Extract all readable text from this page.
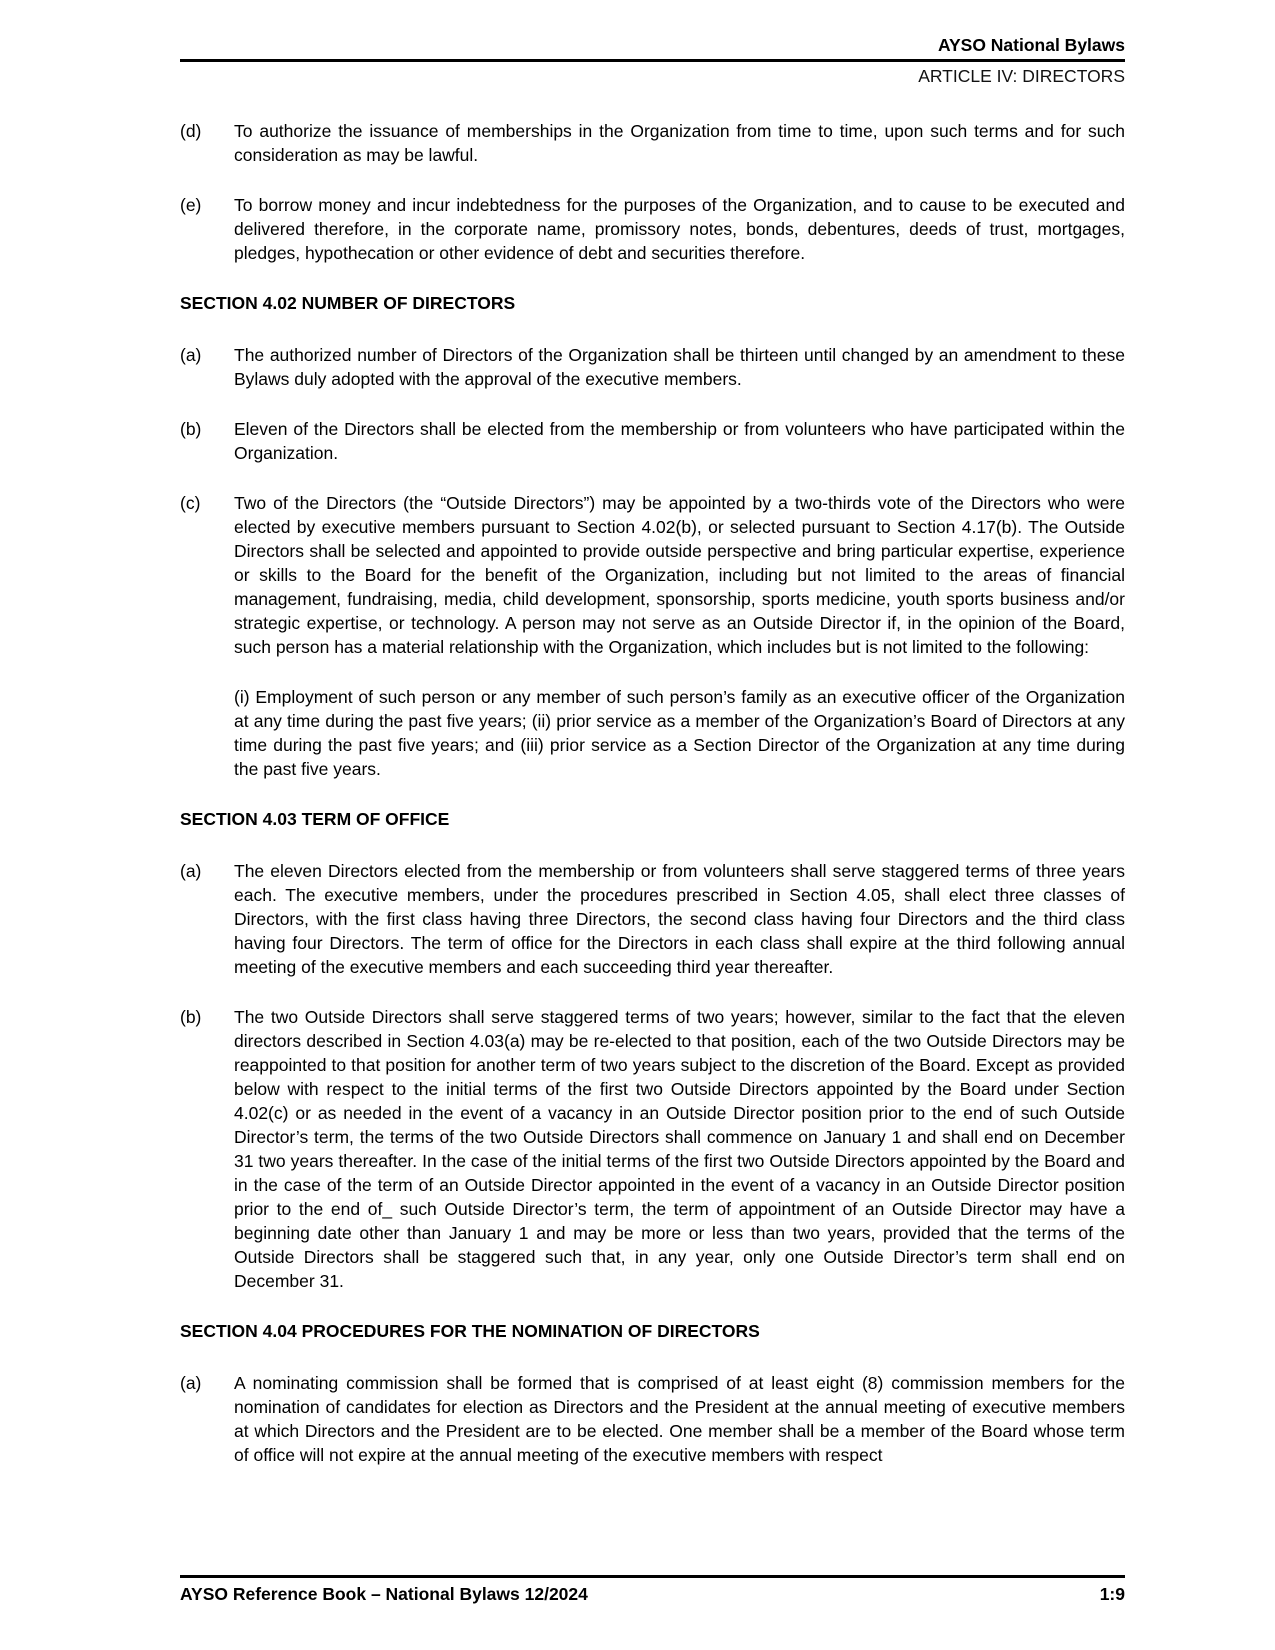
AYSO National Bylaws
ARTICLE IV: DIRECTORS
(d)	To authorize the issuance of memberships in the Organization from time to time, upon such terms and for such consideration as may be lawful.
(e)	To borrow money and incur indebtedness for the purposes of the Organization, and to cause to be executed and delivered therefore, in the corporate name, promissory notes, bonds, debentures, deeds of trust, mortgages, pledges, hypothecation or other evidence of debt and securities therefore.
SECTION 4.02 NUMBER OF DIRECTORS
(a)	The authorized number of Directors of the Organization shall be thirteen until changed by an amendment to these Bylaws duly adopted with the approval of the executive members.
(b)	Eleven of the Directors shall be elected from the membership or from volunteers who have participated within the Organization.
(c)	Two of the Directors (the “Outside Directors”) may be appointed by a two-thirds vote of the Directors who were elected by executive members pursuant to Section 4.02(b), or selected pursuant to Section 4.17(b). The Outside Directors shall be selected and appointed to provide outside perspective and bring particular expertise, experience or skills to the Board for the benefit of the Organization, including but not limited to the areas of financial management, fundraising, media, child development, sponsorship, sports medicine, youth sports business and/or strategic expertise, or technology. A person may not serve as an Outside Director if, in the opinion of the Board, such person has a material relationship with the Organization, which includes but is not limited to the following:
(i) Employment of such person or any member of such person’s family as an executive officer of the Organization at any time during the past five years; (ii) prior service as a member of the Organization’s Board of Directors at any time during the past five years; and (iii) prior service as a Section Director of the Organization at any time during the past five years.
SECTION 4.03 TERM OF OFFICE
(a)	The eleven Directors elected from the membership or from volunteers shall serve staggered terms of three years each. The executive members, under the procedures prescribed in Section 4.05, shall elect three classes of Directors, with the first class having three Directors, the second class having four Directors and the third class having four Directors. The term of office for the Directors in each class shall expire at the third following annual meeting of the executive members and each succeeding third year thereafter.
(b)	The two Outside Directors shall serve staggered terms of two years; however, similar to the fact that the eleven directors described in Section 4.03(a) may be re-elected to that position, each of the two Outside Directors may be reappointed to that position for another term of two years subject to the discretion of the Board. Except as provided below with respect to the initial terms of the first two Outside Directors appointed by the Board under Section 4.02(c) or as needed in the event of a vacancy in an Outside Director position prior to the end of such Outside Director’s term, the terms of the two Outside Directors shall commence on January 1 and shall end on December 31 two years thereafter. In the case of the initial terms of the first two Outside Directors appointed by the Board and in the case of the term of an Outside Director appointed in the event of a vacancy in an Outside Director position prior to the end of_ such Outside Director’s term, the term of appointment of an Outside Director may have a beginning date other than January 1 and may be more or less than two years, provided that the terms of the Outside Directors shall be staggered such that, in any year, only one Outside Director’s term shall end on December 31.
SECTION 4.04 PROCEDURES FOR THE NOMINATION OF DIRECTORS
(a)	A nominating commission shall be formed that is comprised of at least eight (8) commission members for the nomination of candidates for election as Directors and the President at the annual meeting of executive members at which Directors and the President are to be elected. One member shall be a member of the Board whose term of office will not expire at the annual meeting of the executive members with respect
AYSO Reference Book – National Bylaws 12/2024	1:9
